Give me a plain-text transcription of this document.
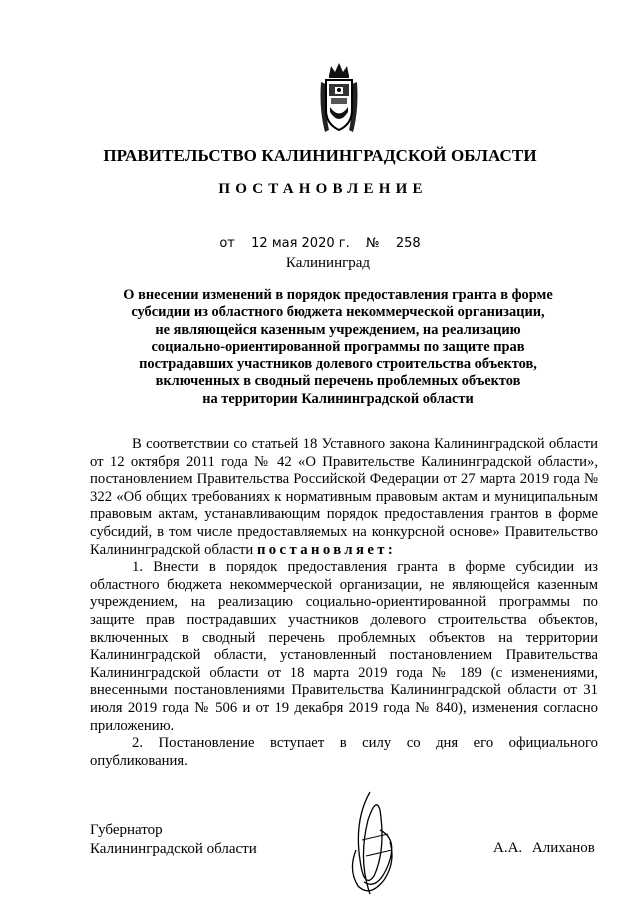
ПРАВИТЕЛЬСТВО КАЛИНИНГРАДСКОЙ ОБЛАСТИ
ПОСТАНОВЛЕНИЕ
от 12 мая 2020 г. № 258
Калининград
О внесении изменений в порядок предоставления гранта в форме
субсидии из областного бюджета некоммерческой организации,
не являющейся казенным учреждением, на реализацию
социально-ориентированной программы по защите прав
пострадавших участников долевого строительства объектов,
включенных в сводный перечень проблемных объектов
на территории Калининградской области

В соответствии со статьей 18 Уставного закона Калининградской области от 12 октября 2011 года № 42 «О Правительстве Калининградской области», постановлением Правительства Российской Федерации от 27 марта 2019 года № 322 «Об общих требованиях к нормативным правовым актам и муниципальным правовым актам, устанавливающим порядок предоставления грантов в форме субсидий, в том числе предоставляемых на конкурсной основе» Правительство Калининградской области постановляет:

1. Внести в порядок предоставления гранта в форме субсидии из областного бюджета некоммерческой организации, не являющейся казенным учреждением, на реализацию социально-ориентированной программы по защите прав пострадавших участников долевого строительства объектов, включенных в сводный перечень проблемных объектов на территории Калининградской области, установленный постановлением Правительства Калининградской области от 18 марта 2019 года № 189 (с изменениями, внесенными постановлениями Правительства Калининградской области от 31 июля 2019 года № 506 и от 19 декабря 2019 года № 840), изменения согласно приложению.

2. Постановление вступает в силу со дня его официального опубликования.

Губернатор
Калининградской области	А.А. Алиханов
